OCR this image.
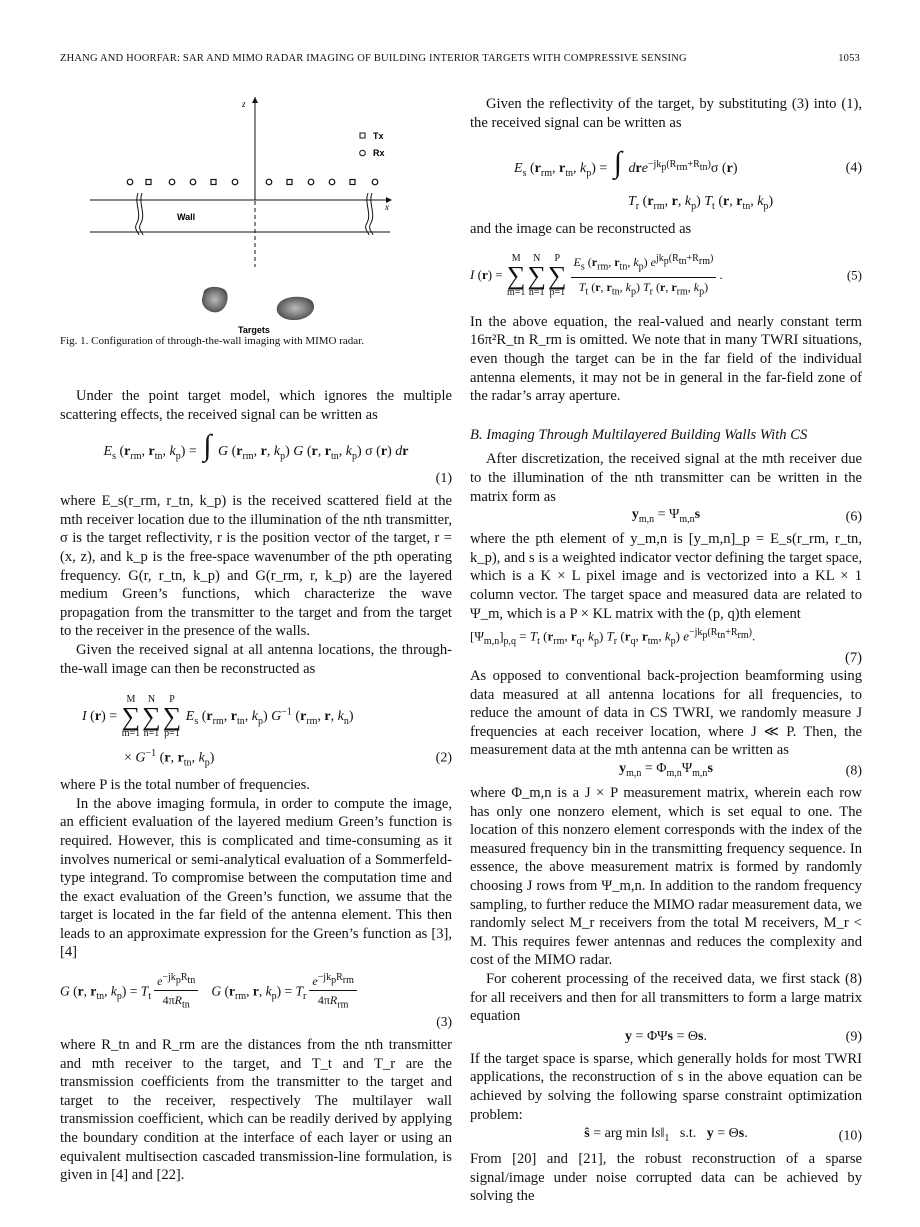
ZHANG AND HOORFAR: SAR AND MIMO RADAR IMAGING OF BUILDING INTERIOR TARGETS WITH COMPRESSIVE SENSING	1053
z
x
Tx
Rx
Wall
Targets
Fig. 1. Configuration of through-the-wall imaging with MIMO radar.

Under the point target model, which ignores the multiple scattering effects, the received signal can be written as

$E_s$ ($r_{rm}$, $r_{tn}$, $k_p$) = ∫ G ($r_{rm}$, r, $k_p$) G (r, $r_{tn}$, $k_p$) σ (r) dr
(1)

where E_s(r_rm, r_tn, k_p) is the received scattered field at the mth receiver location due to the illumination of the nth transmitter, σ is the target reflectivity, r is the position vector of the target, r = (x, z), and k_p is the free-space wavenumber of the pth operating frequency. G(r, r_tn, k_p) and G(r_rm, r, k_p) are the layered medium Green’s functions, which characterize the wave propagation from the transmitter to the target and from the target to the receiver in the presence of the walls.

Given the received signal at all antenna locations, the through-the-wall image can then be reconstructed as

I (r) =
M
∑
m=1
N
∑
n=1
P
∑
p=1
$E_s$ ($r_{rm}$, $r_{tn}$, $k_p$) $G^{-1}$ ($r_{rm}$, r, $k_n$)
× $G^{-1}$ (r, $r_{tn}$, $k_p$)	(2)

where P is the total number of frequencies.

In the above imaging formula, in order to compute the image, an efficient evaluation of the layered medium Green’s function is required. However, this is complicated and time-consuming as it involves numerical or semi-analytical evaluation of a Sommerfeld-type integrand. To compromise between the computation time and the exact evaluation of the Green’s function, we assume that the target is located in the far field of the antenna element. This then leads to an approximate expression for the Green’s function as [3], [4]

G (r, $r_{tn}$, $k_p) = T_t \frac{e^{-jk_pR_{tn}}}{4\pi R_{tn}}$ G ($r_{rm}$, r, $k_p) = T_r \frac{e^{-jk_pR_{rm}}}{4\pi R_{rm}}$
(3)

where R_tn and R_rm are the distances from the nth transmitter and mth receiver to the target, and T_t and T_r are the transmission coefficients from the transmitter to the target and target to the receiver, respectively The multilayer wall transmission coefficient, which can be readily derived by applying the boundary condition at the interface of each layer or using an equivalent multisection cascaded transmission-line formulation, is given in [4] and [22].

Given the reflectivity of the target, by substituting (3) into (1), the received signal can be written as

$E_s$ ($r_{rm}$, $r_{tn}$, $k_p$) = ∫ dre$^{-jk_p(R_{rm}+R_{tn})}$σ (r)	(4)
$T_r$ ($r_{rm}$, r, $k_p$) $T_t$ (r, $r_{tn}$, $k_p$)

and the image can be reconstructed as

I (r) =
M
∑
m=1
N
∑
n=1
P
∑
$p=1 \frac{E_s (r_{rm}, r_{tn}, k_p) e^{jk_p(R_{tn}+R_{rm})}}{T_t (r, r_{tn}, k_p) T_r (r, r_{rm}, k_p)}$ .	(5)

In the above equation, the real-valued and nearly constant term 16π²R_tn R_rm is omitted. We note that in many TWRI situations, even though the target can be in the far field of the individual antenna elements, it may not be in general in the far-field zone of the radar’s array aperture.

B. Imaging Through Multilayered Building Walls With CS

After discretization, the received signal at the mth receiver due to the illumination of the nth transmitter can be written in the matrix form as

$y_{m,n} = \Psi_{m,n}s$	(6)

where the pth element of y_m,n is [y_m,n]_p = E_s(r_rm, r_tn, k_p), and s is a weighted indicator vector defining the target space, which is a K × L pixel image and is vectorized into a KL × 1 column vector. The target space and measured data are related to Ψ_m, which is a P × KL matrix with the (p, q)th element

$[\Psi_{m,n}]_{p,q} = T_t$ ($r_{rm}$, $r_q$, $k_p$) $T_r$ ($r_q$, $r_{tm}$, $k_p$) $e^{-jk_p(R_{tn}+R_{rm})}$.
(7)

As opposed to conventional back-projection beamforming using data measured at all antenna locations for all frequencies, to reduce the amount of data in CS TWRI, we randomly measure J frequencies at each receiver location, where J ≪ P. Then, the measurement data at the mth antenna can be written as

$y_{m,n} = \Phi_{m,n}\Psi_{m,n}s$	(8)

where Φ_m,n is a J × P measurement matrix, wherein each row has only one nonzero element, which is set equal to one. The location of this nonzero element corresponds with the index of the measured frequency bin in the transmitting frequency sequence. In essence, the above measurement matrix is formed by randomly choosing J rows from Ψ_m,n. In addition to the random frequency sampling, to further reduce the MIMO radar measurement data, we randomly select M_r receivers from the total M receivers, M_r < M. This requires fewer antennas and reduces the complexity and cost of the MIMO radar.

For coherent processing of the received data, we first stack (8) for all receivers and then for all transmitters to form a large matrix equation

y = ΦΨs = Θs.	(9)

If the target space is sparse, which generally holds for most TWRI applications, the reconstruction of s in the above equation can be achieved by solving the following sparse constraint optimization problem:

ŝ = arg $\min ‖s‖_1$   s.t.   y = Θs.	(10)

From [20] and [21], the robust reconstruction of a sparse signal/image under noise corrupted data can be achieved by solving the
